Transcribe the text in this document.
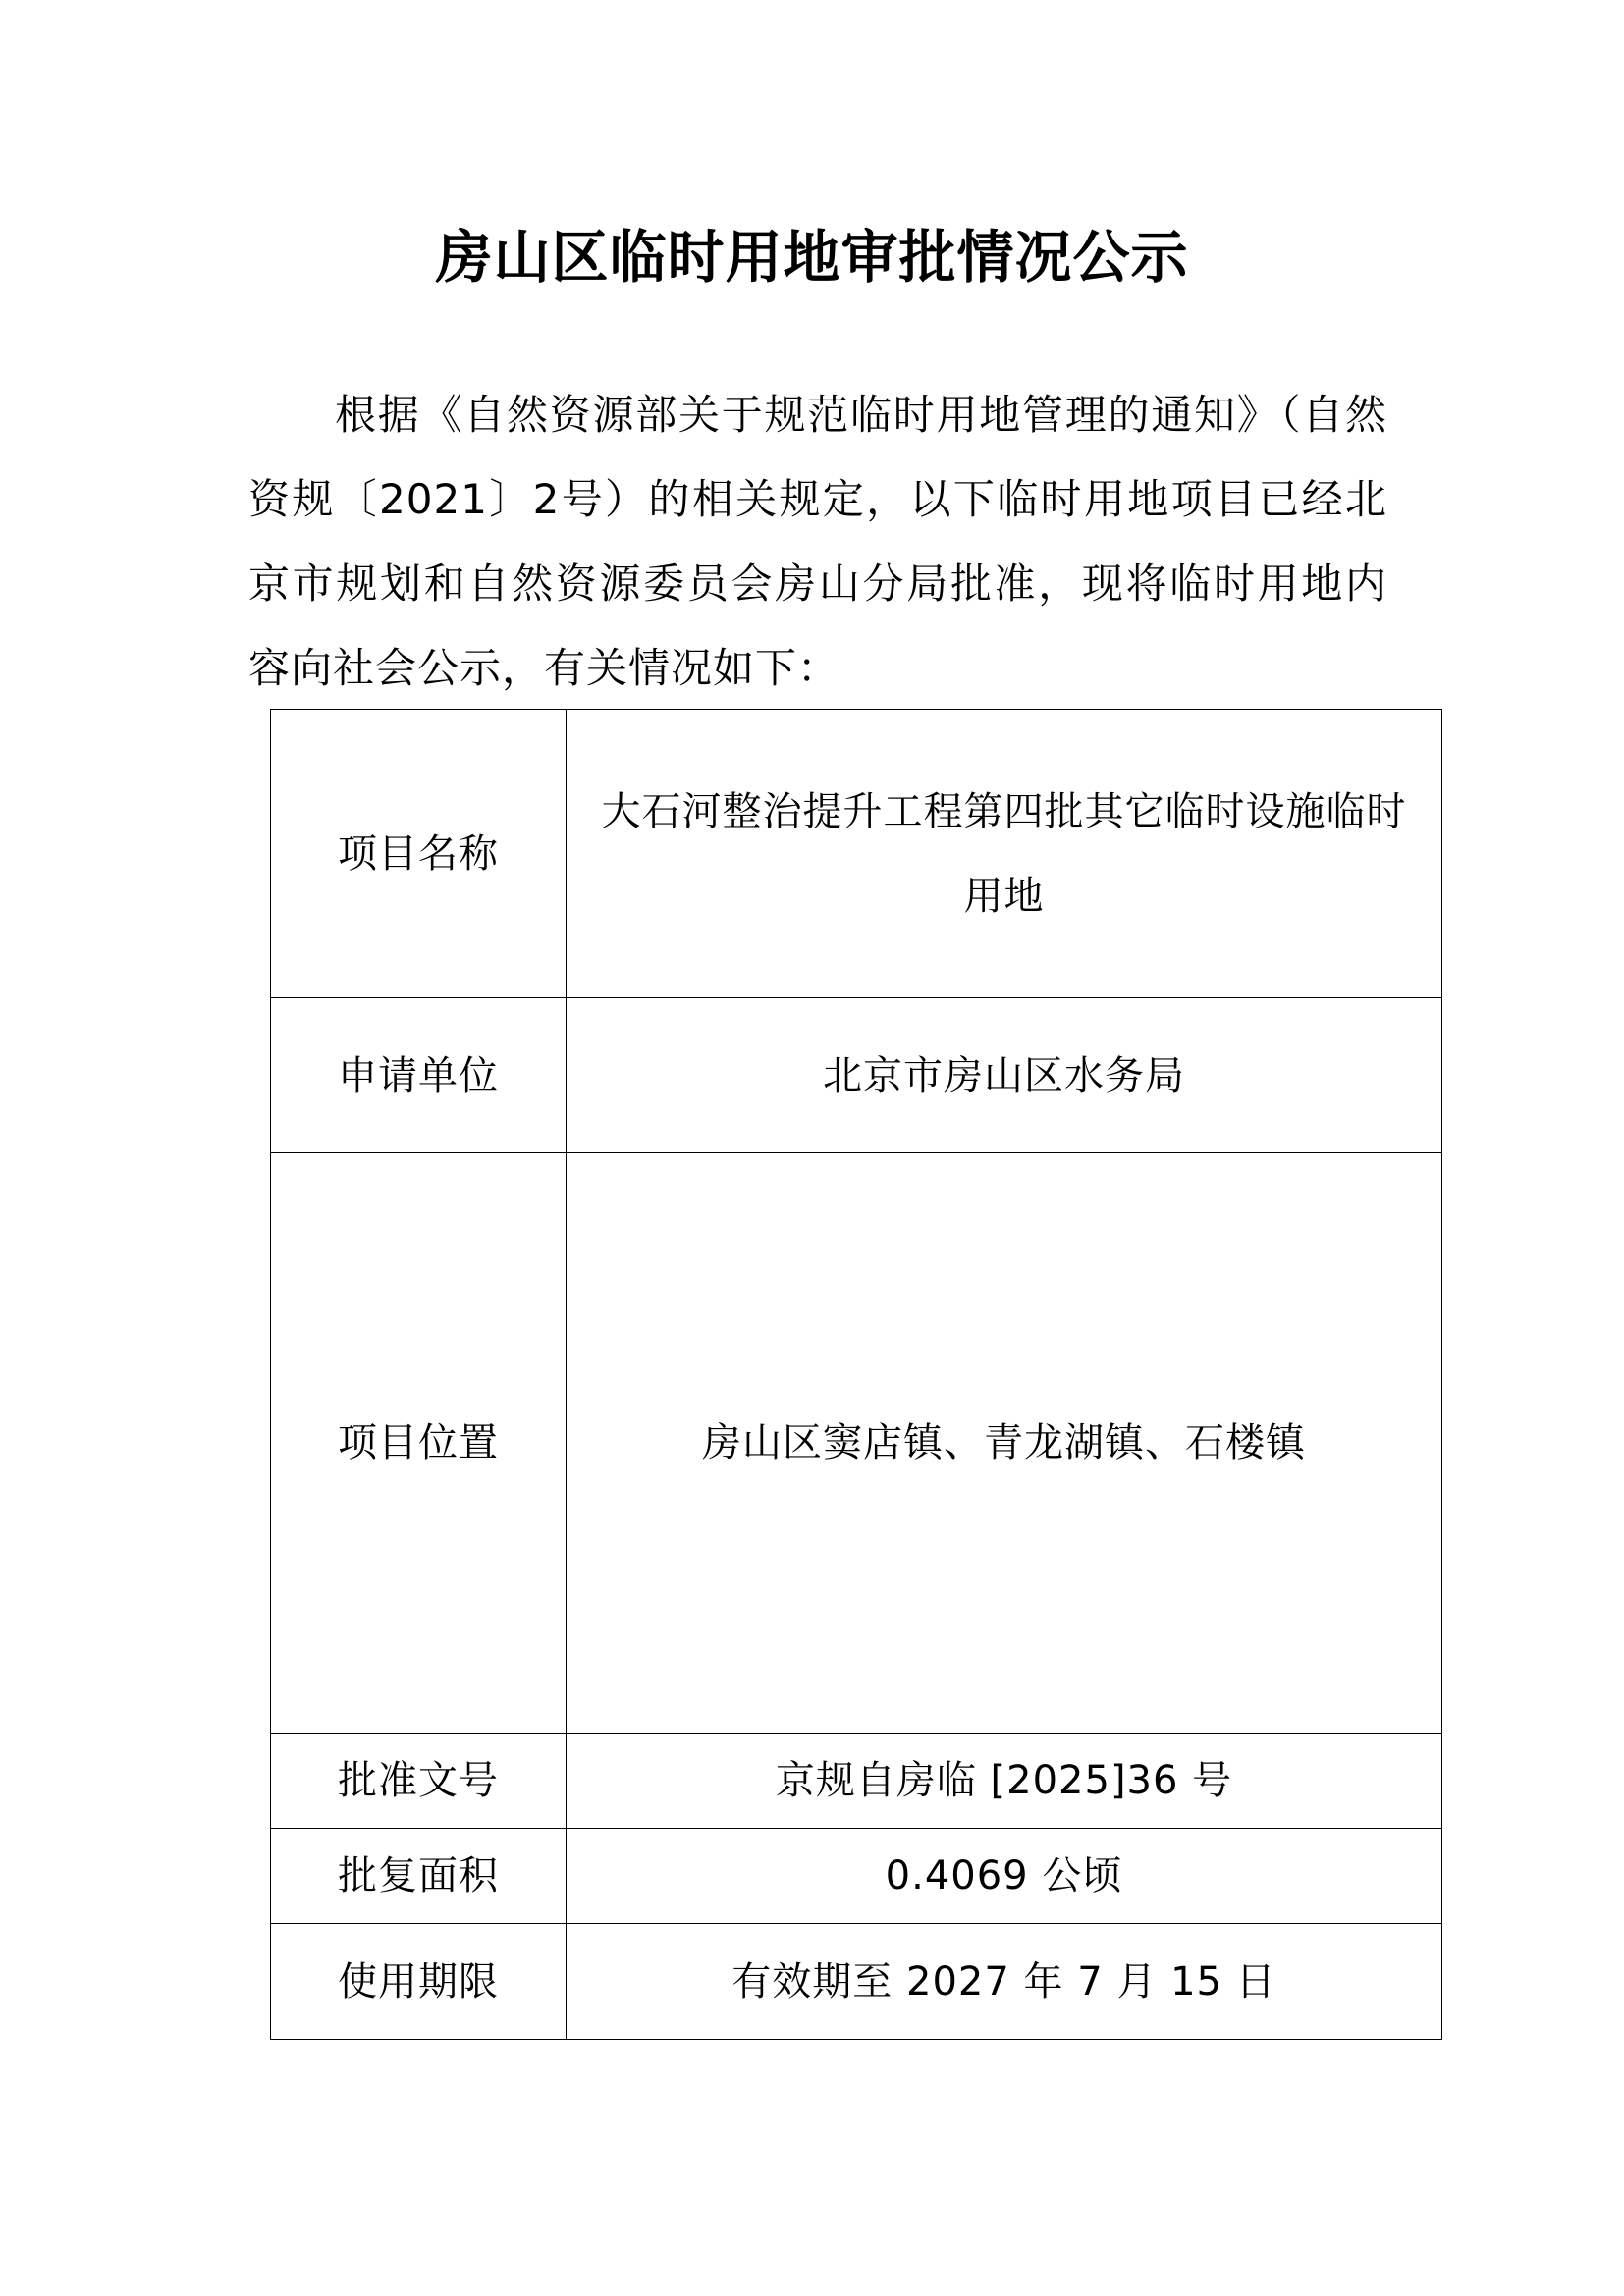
房山区临时用地审批情况公示
根据《自然资源部关于规范临时用地管理的通知》（自然资规〔2021〕2号）的相关规定，以下临时用地项目已经北京市规划和自然资源委员会房山分局批准，现将临时用地内容向社会公示，有关情况如下：
项目名称	大石河整治提升工程第四批其它临时设施临时用地
申请单位	北京市房山区水务局
项目位置	房山区窦店镇、青龙湖镇、石楼镇
批准文号	京规自房临 [2025]36 号
批复面积	0.4069 公顷
使用期限	有效期至 2027 年 7 月 15 日
